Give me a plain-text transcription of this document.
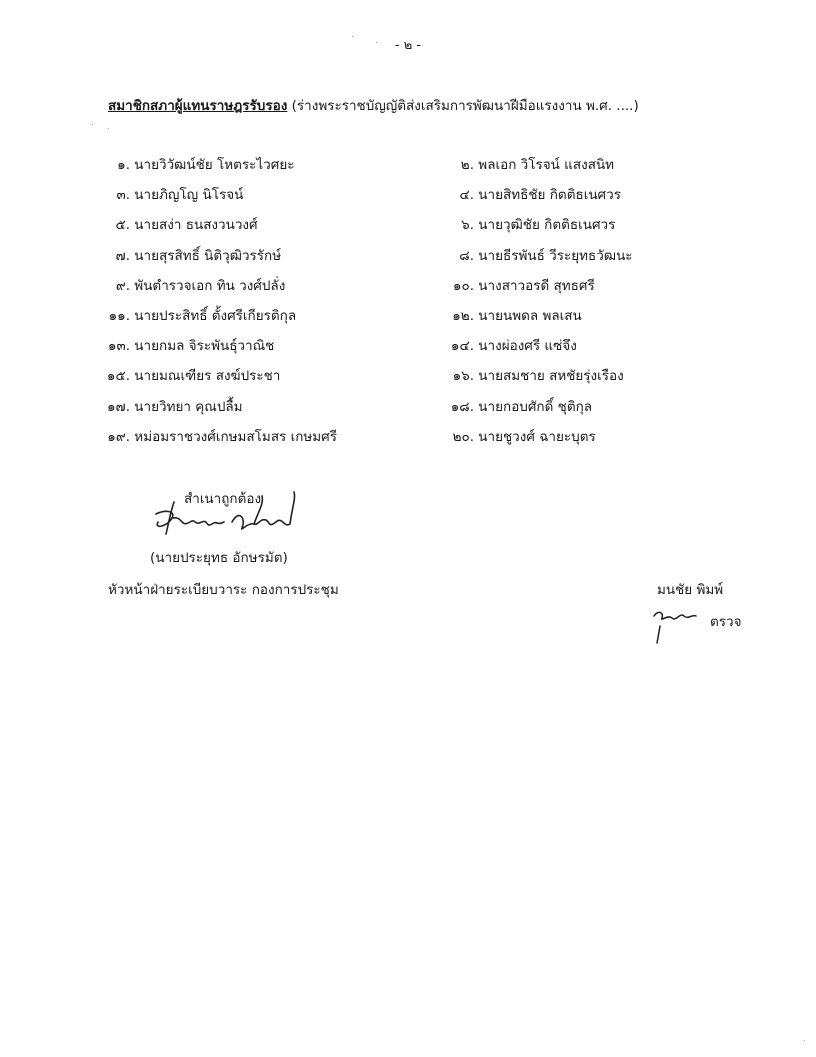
- ๒ -
สมาชิกสภาผู้แทนราษฎรรับรอง (ร่างพระราชบัญญัติส่งเสริมการพัฒนาฝีมือแรงงาน พ.ศ. ....)
๑. นายวิวัฒน์ชัย โหตระไวศยะ	๒. พลเอก วิโรจน์ แสงสนิท
๓. นายภิญโญ นิโรจน์	๔. นายสิทธิชัย กิตติธเนศวร
๕. นายสง่า ธนสงวนวงศ์	๖. นายวุฒิชัย กิตติธเนศวร
๗. นายสุรสิทธิ์ นิติวุฒิวรรักษ์	๘. นายธีรพันธ์ วีระยุทธวัฒนะ
๙. พันตำรวจเอก ทิน วงศ์ปลั่ง	๑๐. นางสาวอรดี สุทธศรี
๑๑. นายประสิทธิ์ ตั้งศรีเกียรติกุล	๑๒. นายนพดล พลเสน
๑๓. นายกมล จิระพันธุ์วาณิช	๑๔. นางผ่องศรี แซ่จึง
๑๕. นายมณเฑียร สงฆ์ประชา	๑๖. นายสมชาย สหชัยรุ่งเรือง
๑๗. นายวิทยา คุณปลื้ม	๑๘. นายกอบศักดิ์ ชุติกุล
๑๙. หม่อมราชวงศ์เกษมสโมสร เกษมศรี	๒๐. นายชูวงศ์ ฉายะบุตร
สำเนาถูกต้อง
(นายประยุทธ อักษรมัต)
หัวหน้าฝ่ายระเบียบวาระ กองการประชุม	มนชัย พิมพ์
ตรวจ
